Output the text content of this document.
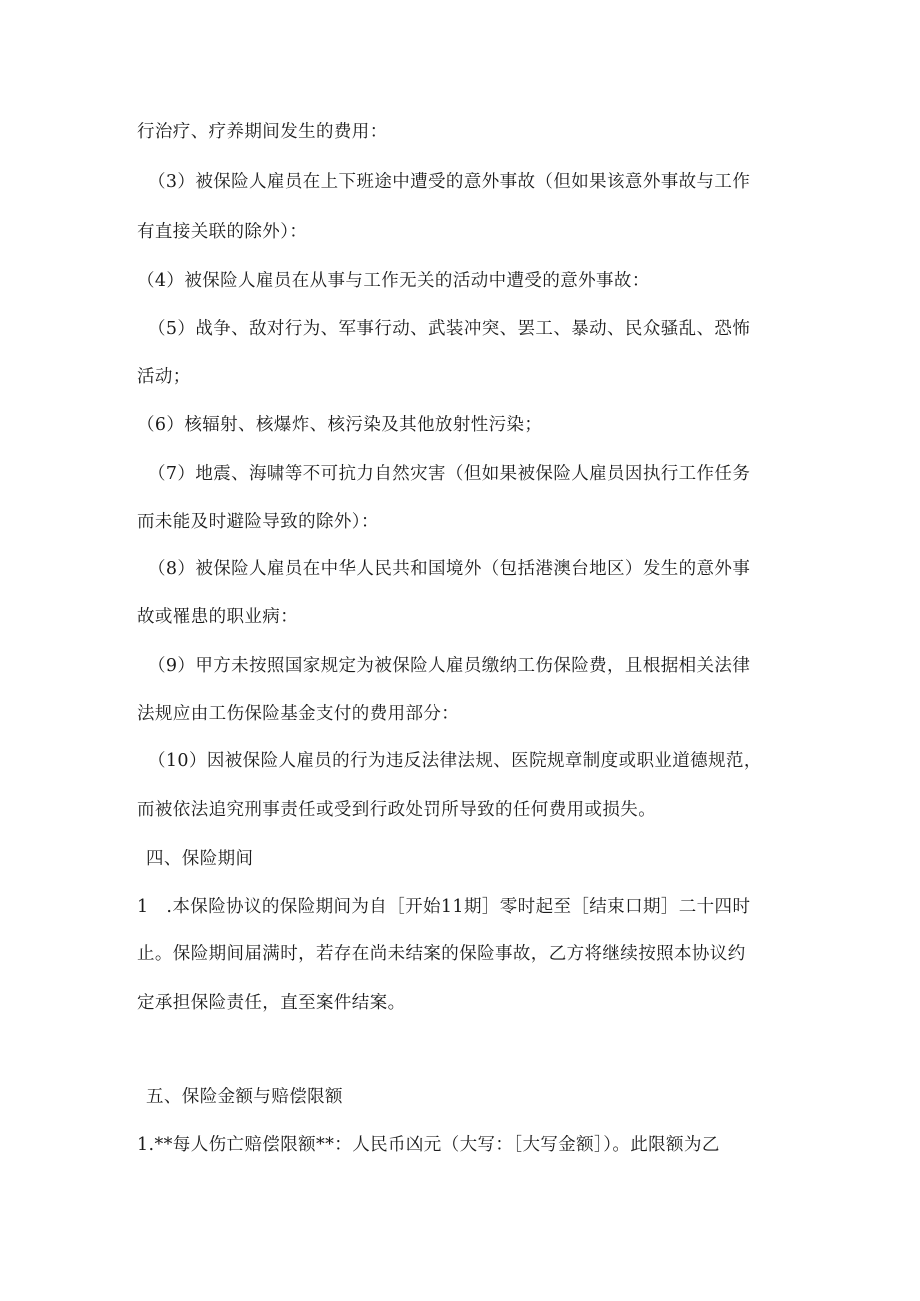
行治疗、疗养期间发生的费用：
（3）被保险人雇员在上下班途中遭受的意外事故（但如果该意外事故与工作
有直接关联的除外）：
（4）被保险人雇员在从事与工作无关的活动中遭受的意外事故：
（5）战争、敌对行为、军事行动、武装冲突、罢工、暴动、民众骚乱、恐怖
活动；
（6）核辐射、核爆炸、核污染及其他放射性污染；
（7）地震、海啸等不可抗力自然灾害（但如果被保险人雇员因执行工作任务
而未能及时避险导致的除外）：
（8）被保险人雇员在中华人民共和国境外（包括港澳台地区）发生的意外事
故或罹患的职业病：
（9）甲方未按照国家规定为被保险人雇员缴纳工伤保险费，且根据相关法律
法规应由工伤保险基金支付的费用部分：
（10）因被保险人雇员的行为违反法律法规、医院规章制度或职业道德规范，
而被依法追究刑事责任或受到行政处罚所导致的任何费用或损失。
四、保险期间
1　.本保险协议的保险期间为自［开始11期］零时起至［结束口期］二十四时
止。保险期间届满时，若存在尚未结案的保险事故，乙方将继续按照本协议约
定承担保险责任，直至案件结案。
五、保险金额与赔偿限额
1.**每人伤亡赔偿限额**：人民币凶元（大写：［大写金额］）。此限额为乙
